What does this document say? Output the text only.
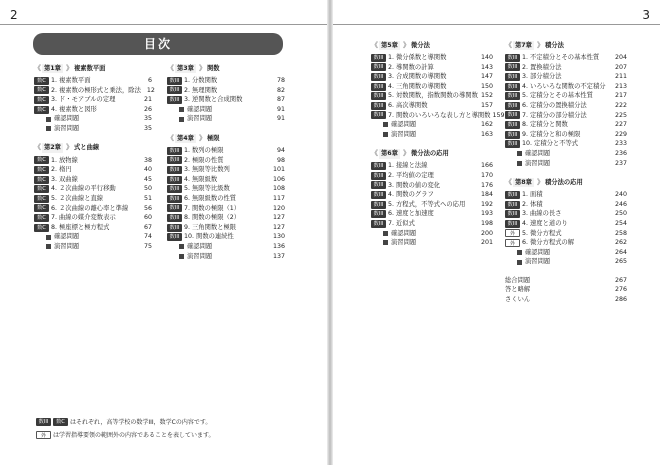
2
目次
《 第1章 》 複素数平面
数C 1. 複素数平面	6
数C 2. 複素数の極形式と乗法，除法 12
数C 3. ド・モアブルの定理	21
数C 4. 複素数と図形	26
確認問題	35
演習問題	35
《 第2章 》 式と曲線
数C 1. 放物線	38
数C 2. 楕円	40
数C 3. 双曲線	45
数C 4. ２次曲線の平行移動	50
数C 5. ２次曲線と直線	51
数C 6. ２次曲線の離心率と準線	56
数C 7. 曲線の媒介変数表示	60
数C 8. 極座標と極方程式	67
確認問題	74
演習問題	75
《 第3章 》 関数
数III 1. 分数関数	78
数III 2. 無理関数	82
数III 3. 逆関数と合成関数	87
確認問題	91
演習問題	91
《 第4章 》 極限
数III 1. 数列の極限	94
数III 2. 極限の性質	98
数III 3. 無限等比数列	101
数III 4. 無限級数	106
数III 5. 無限等比級数	108
数III 6. 無限級数の性質	117
数III 7. 関数の極限（1）	120
数III 8. 関数の極限（2）	127
数III 9. 三角関数と極限	127
数III 10. 関数の連続性	130
確認問題	136
演習問題	137
数III	数C はそれぞれ，高等学校の数学III，数学Cの内容です。
外	は学習指導要領の範囲外の内容であることを表しています。
3
《 第5章 》 微分法
数III 1. 微分係数と導関数	140
数III 2. 導関数の計算	143
数III 3. 合成関数の導関数	147
数III 4. 三角関数の導関数	150
数III 5. 対数関数，指数関数の導関数 152
数III 6. 高次導関数	157
数III 7. 関数のいろいろな表し方と導関数 159
確認問題	162
演習問題	163
《 第6章 》 微分法の応用
数III 1. 接線と法線	166
数III 2. 平均値の定理	170
数III 3. 関数の値の変化	176
数III 4. 関数のグラフ	184
数III 5. 方程式，不等式への応用	192
数III 6. 速度と加速度	193
数III 7. 近似式	198
確認問題	200
演習問題	201
《 第7章 》 積分法
数III 1. 不定積分とその基本性質	204
数III 2. 置換積分法	207
数III 3. 部分積分法	211
数III 4. いろいろな関数の不定積分	213
数III 5. 定積分とその基本性質	217
数III 6. 定積分の置換積分法	222
数III 7. 定積分の部分積分法	225
数III 8. 定積分と関数	227
数III 9. 定積分と和の極限	229
数III 10. 定積分と不等式	233
確認問題	236
演習問題	237
《 第8章 》 積分法の応用
数III 1. 面積	240
数III 2. 体積	246
数III 3. 曲線の長さ	250
数III 4. 速度と道のり	254
外	5. 微分方程式	258
外	6. 微分方程式の解	262
確認問題	264
演習問題	265
総合問題	267
答と略解	276
さくいん	286
